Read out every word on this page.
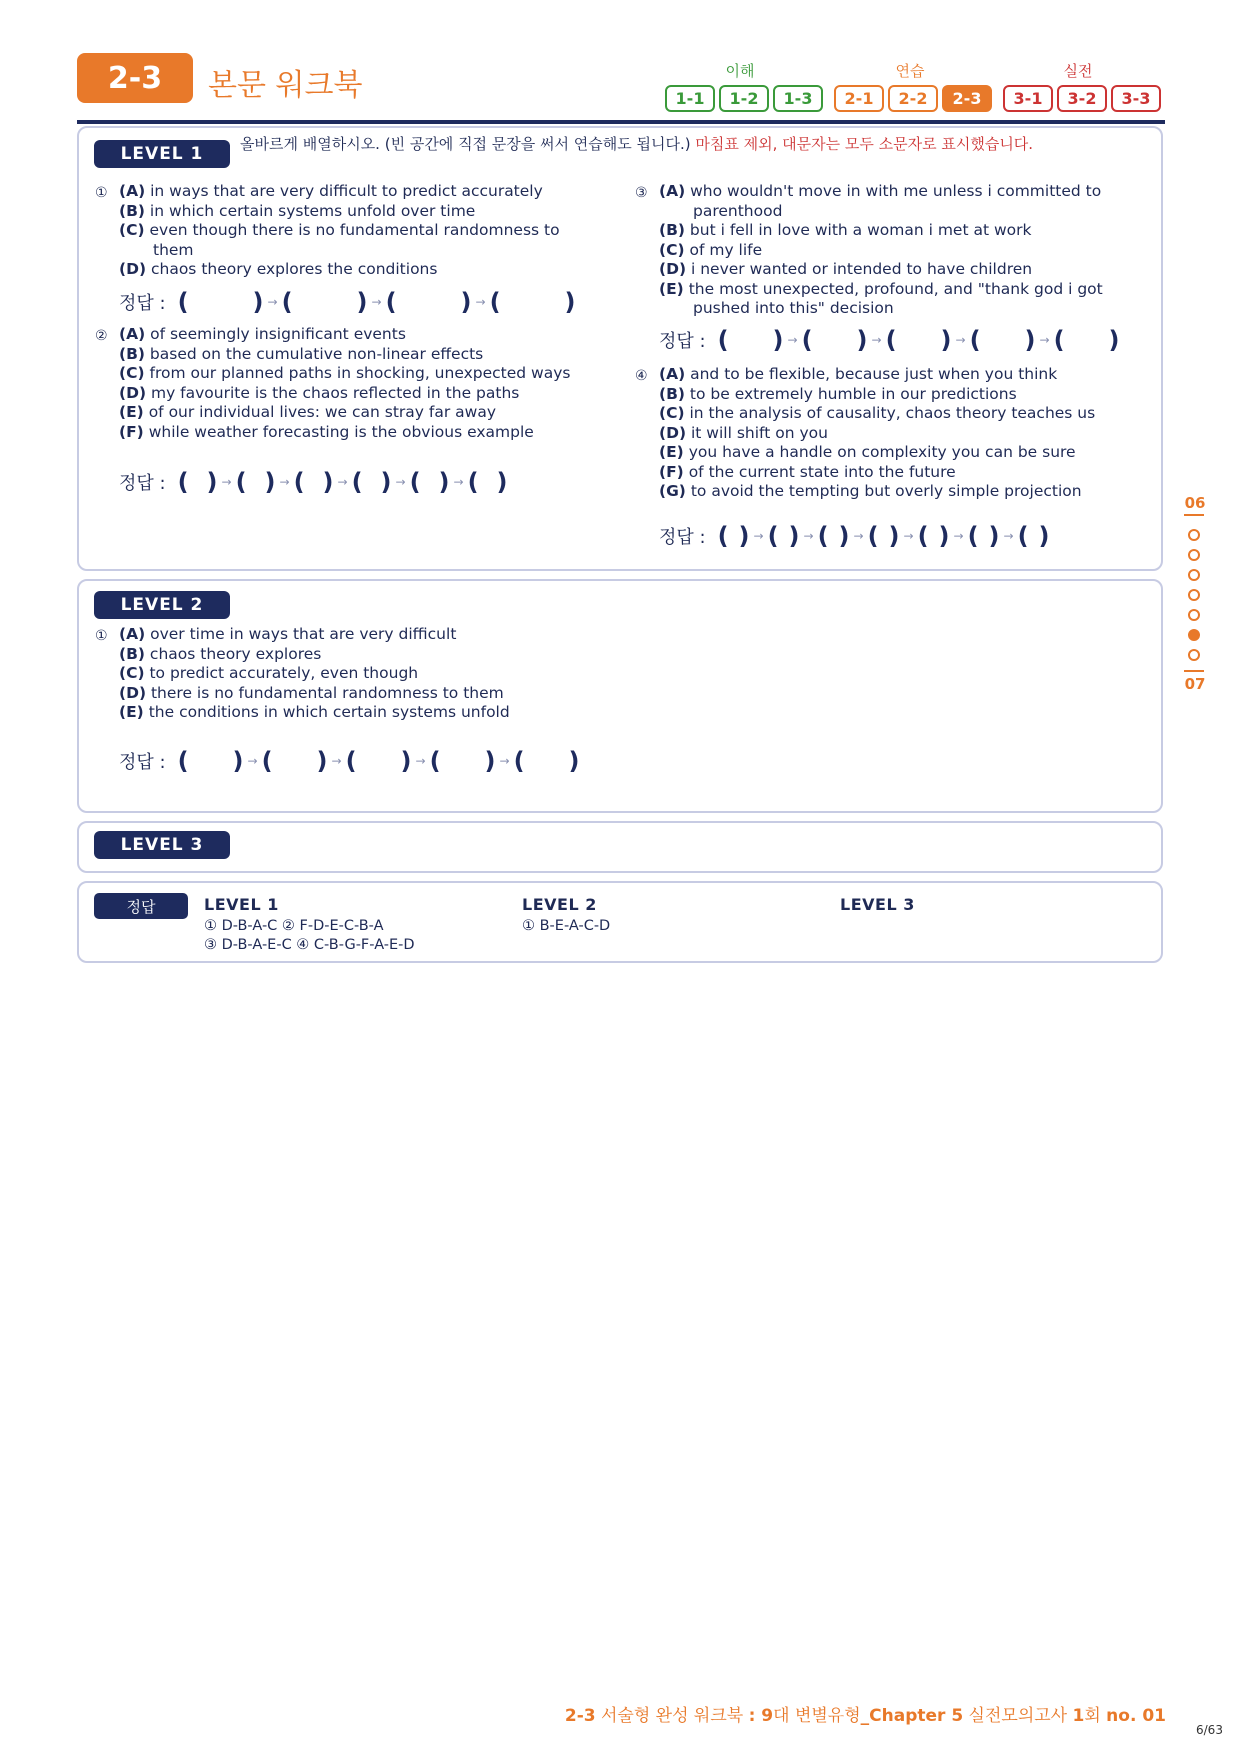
2-3	본문 워크북	이해	연습	실전
1-1	1-2	1-3	2-1	2-2	2-3	3-1	3-2	3-3
LEVEL 1	올바르게 배열하시오. (빈 공간에 직접 문장을 써서 연습해도 됩니다.) 마침표 제외, 대문자는 모두 소문자로 표시했습니다.
① (A) in ways that are very difficult to predict accurately
(B) in which certain systems unfold over time
(C) even though there is no fundamental randomness to them
(D) chaos theory explores the conditions
정답 : (	) → (	) → (	) → (	)
② (A) of seemingly insignificant events
(B) based on the cumulative non-linear effects
(C) from our planned paths in shocking, unexpected ways
(D) my favourite is the chaos reflected in the paths
(E) of our individual lives: we can stray far away
(F) while weather forecasting is the obvious example
정답 : ( ) → ( ) → ( ) → ( ) → ( ) → ( )
③ (A) who wouldn't move in with me unless i committed to parenthood
(B) but i fell in love with a woman i met at work
(C) of my life
(D) i never wanted or intended to have children
(E) the most unexpected, profound, and "thank god i got pushed into this" decision
정답 : ( ) → ( ) → ( ) → ( ) → ( )
④ (A) and to be flexible, because just when you think
(B) to be extremely humble in our predictions
(C) in the analysis of causality, chaos theory teaches us
(D) it will shift on you
(E) you have a handle on complexity you can be sure
(F) of the current state into the future
(G) to avoid the tempting but overly simple projection
정답 : ( ) → ( ) → ( ) → ( ) → ( ) → ( ) → ( )
LEVEL 2
① (A) over time in ways that are very difficult
(B) chaos theory explores
(C) to predict accurately, even though
(D) there is no fundamental randomness to them
(E) the conditions in which certain systems unfold
정답 : ( ) → ( ) → ( ) → ( ) → ( )
LEVEL 3
정답	LEVEL 1
① D-B-A-C ② F-D-E-C-B-A
③ D-B-A-E-C ④ C-B-G-F-A-E-D
LEVEL 2
① B-E-A-C-D
LEVEL 3
06
07
2-3 서술형 완성 워크북 : 9대 변별유형_Chapter 5 실전모의고사 1회 no. 01
6/63
